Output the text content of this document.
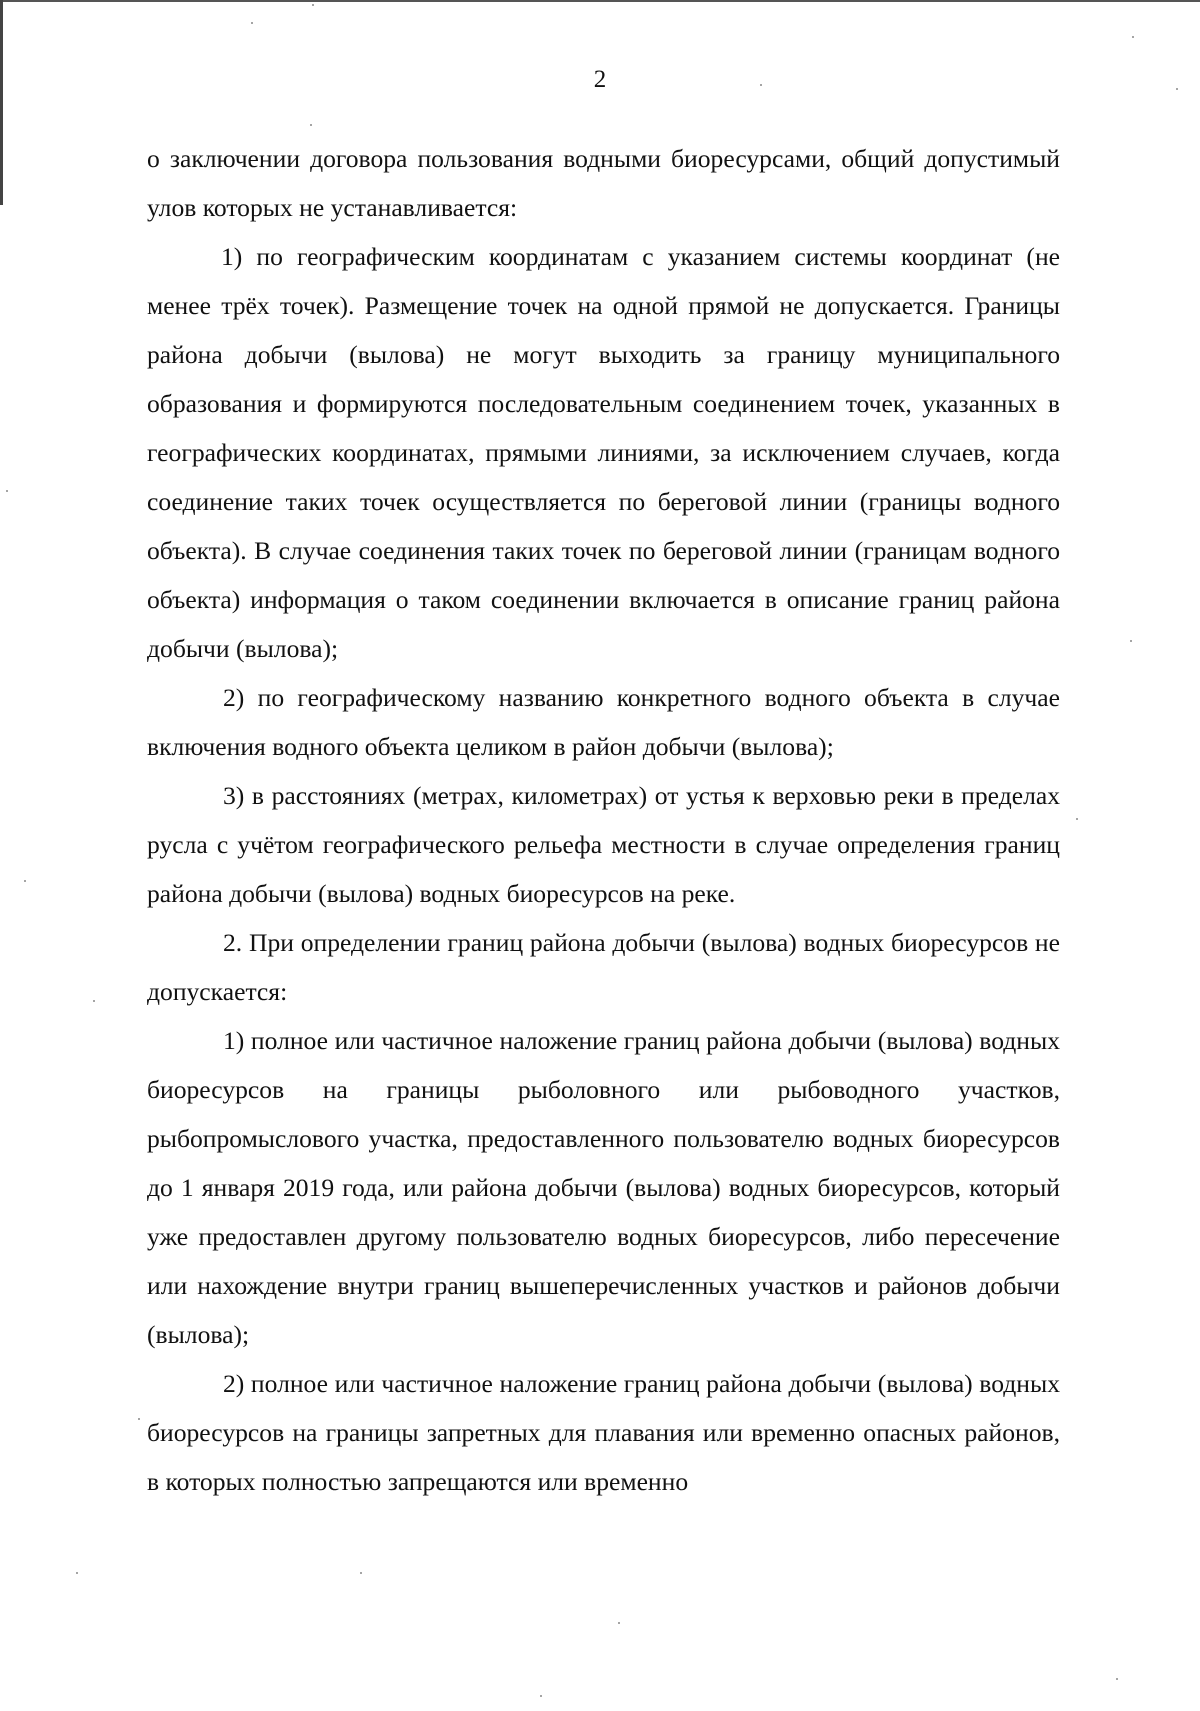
2

о заключении договора пользования водными биоресурсами, общий допустимый улов которых не устанавливается:

1) по географическим координатам с указанием системы координат (не менее трёх точек). Размещение точек на одной прямой не допускается. Границы района добычи (вылова) не могут выходить за границу муниципального образования и формируются последовательным соединением точек, указанных в географических координатах, прямыми линиями, за исключением случаев, когда соединение таких точек осуществляется по береговой линии (границы водного объекта). В случае соединения таких точек по береговой линии (границам водного объекта) информация о таком соединении включается в описание границ района добычи (вылова);

2) по географическому названию конкретного водного объекта в случае включения водного объекта целиком в район добычи (вылова);

3) в расстояниях (метрах, километрах) от устья к верховью реки в пределах русла с учётом географического рельефа местности в случае определения границ района добычи (вылова) водных биоресурсов на реке.

2. При определении границ района добычи (вылова) водных биоресурсов не допускается:

1) полное или частичное наложение границ района добычи (вылова) водных биоресурсов на границы рыболовного или рыбоводного участков, рыбопромыслового участка, предоставленного пользователю водных биоресурсов до 1 января 2019 года, или района добычи (вылова) водных биоресурсов, который уже предоставлен другому пользователю водных биоресурсов, либо пересечение или нахождение внутри границ вышеперечисленных участков и районов добычи (вылова);

2) полное или частичное наложение границ района добычи (вылова) водных биоресурсов на границы запретных для плавания или временно опасных районов, в которых полностью запрещаются или временно
